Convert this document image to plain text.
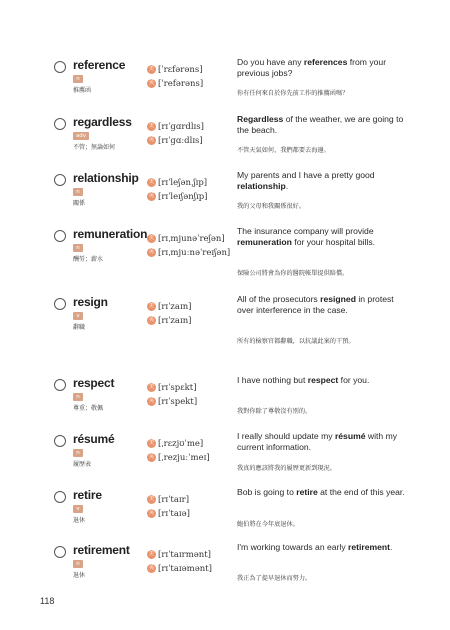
reference
n
推薦函
美 [ˈrɛfərəns]
英 [ˈrefərəns]
Do you have any references from your previous jobs?
你有任何來自於你先前工作的推薦函嗎？
regardless
adv
不管；無論如何
美 [rɪˈgɑrdlɪs]
英 [rɪˈgɑːdlɪs]
Regardless of the weather, we are going to the beach.
不管天氣如何，我們都要去海邊。
relationship
n
關係
美 [rɪˈleʃənˌʃɪp]
英 [rɪˈleɪʃənʃɪp]
My parents and I have a pretty good relationship.
我的父母和我關係很好。
remuneration
n
酬勞；薪水
美 [rɪˌmjunəˈreʃən]
英 [rɪˌmjuːnəˈreɪʃən]
The insurance company will provide remuneration for your hospital bills.
保險公司將會為你的醫院帳單提供賠償。
resign
v
辭職
美 [rɪˈzaɪn]
英 [rɪˈzaɪn]
All of the prosecutors resigned in protest over interference in the case.
所有的檢察官都辭職，以抗議此案的干預。
respect
n
尊重；敬佩
美 [rɪˈspɛkt]
英 [rɪˈspekt]
I have nothing but respect for you.
我對你除了尊敬沒有別的。
résumé
n
履歷表
美 [ˌrɛzjʊˈme]
英 [ˌrezjuːˈmeɪ]
I really should update my résumé with my current information.
我真的應該將我的履歷更新到現況。
retire
v
退休
美 [rɪˈtaɪr]
英 [rɪˈtaɪə]
Bob is going to retire at the end of this year.
鮑伯將在今年底退休。
retirement
n
退休
美 [rɪˈtaɪrmənt]
英 [rɪˈtaɪəmənt]
I'm working towards an early retirement.
我正為了提早退休而努力。
118
